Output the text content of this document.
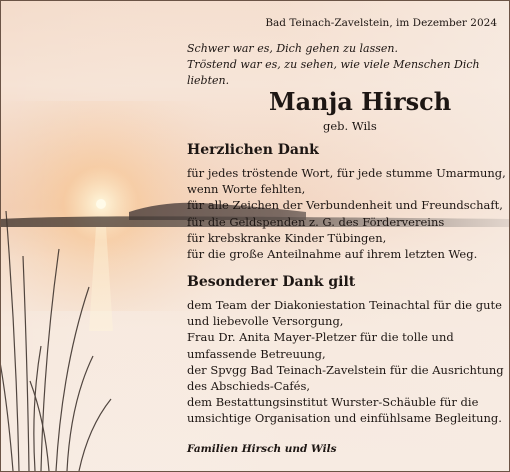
Bad Teinach-Zavelstein, im Dezember 2024
Schwer war es, Dich gehen zu lassen.
Tröstend war es, zu sehen, wie viele Menschen Dich liebten.
Manja Hirsch
geb. Wils
Herzlichen Dank
für jedes tröstende Wort, für jede stumme Umarmung,
wenn Worte fehlten,
für alle Zeichen der Verbundenheit und Freundschaft,
für die Geldspenden z. G. des Fördervereins
für krebskranke Kinder Tübingen,
für die große Anteilnahme auf ihrem letzten Weg.
Besonderer Dank gilt
dem Team der Diakoniestation Teinachtal für die gute
und liebevolle Versorgung,
Frau Dr. Anita Mayer-Pletzer für die tolle und
umfassende Betreuung,
der Spvgg Bad Teinach-Zavelstein für die Ausrichtung
des Abschieds-Cafés,
dem Bestattungsinstitut Wurster-Schäuble für die
umsichtige Organisation und einfühlsame Begleitung.
Familien Hirsch und Wils
